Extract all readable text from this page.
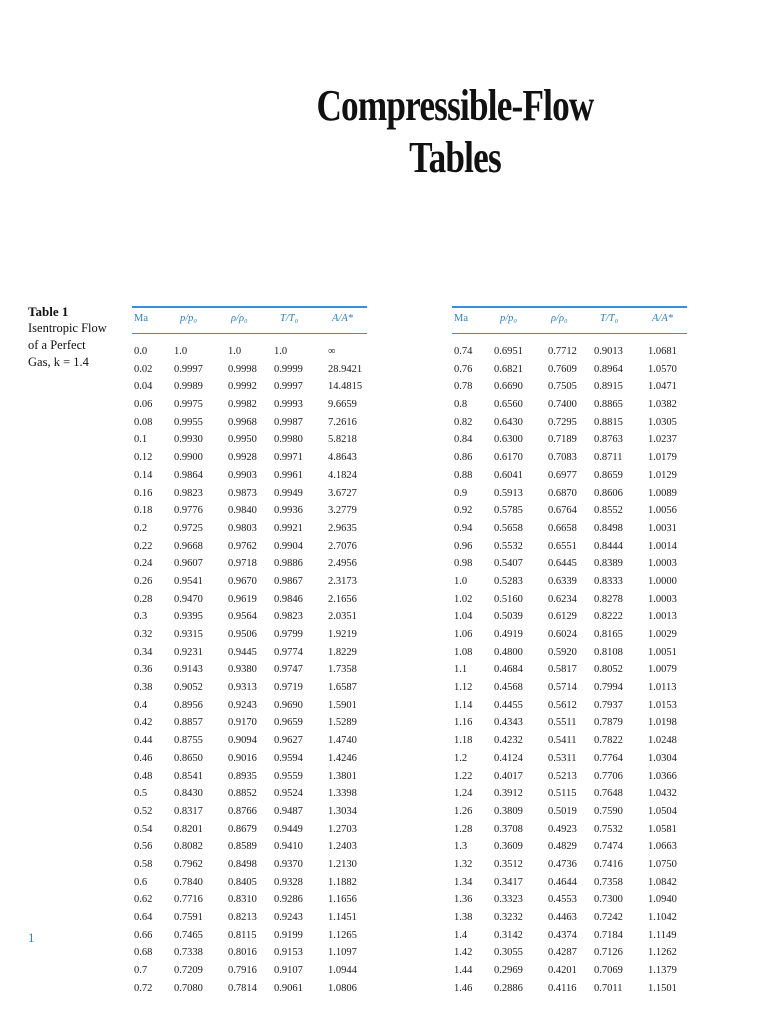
Compressible-Flow
Tables
Table 1
Isentropic Flow
of a Perfect
Gas, k = 1.4
Ma	p/p₀	ρ/ρ₀	T/T₀	A/A*
0.0	1.0	1.0	1.0	∞
0.02 0.9997 0.9998 0.9999 28.9421
0.04 0.9989 0.9992 0.9997 14.4815
0.06 0.9975 0.9982 0.9993 9.6659
0.08 0.9955 0.9968 0.9987 7.2616
0.1	0.9930 0.9950 0.9980 5.8218
0.12 0.9900 0.9928 0.9971 4.8643
0.14 0.9864 0.9903 0.9961 4.1824
0.16 0.9823 0.9873 0.9949 3.6727
0.18 0.9776 0.9840 0.9936 3.2779
0.2	0.9725 0.9803 0.9921 2.9635
0.22 0.9668 0.9762 0.9904 2.7076
0.24 0.9607 0.9718 0.9886 2.4956
0.26 0.9541 0.9670 0.9867 2.3173
0.28 0.9470 0.9619 0.9846 2.1656
0.3	0.9395 0.9564 0.9823 2.0351
0.32 0.9315 0.9506 0.9799 1.9219
0.34 0.9231 0.9445 0.9774 1.8229
0.36 0.9143 0.9380 0.9747 1.7358
0.38 0.9052 0.9313 0.9719 1.6587
0.4	0.8956 0.9243 0.9690 1.5901
0.42 0.8857 0.9170 0.9659 1.5289
0.44 0.8755 0.9094 0.9627 1.4740
0.46 0.8650 0.9016 0.9594 1.4246
0.48 0.8541 0.8935 0.9559 1.3801
0.5	0.8430 0.8852 0.9524 1.3398
0.52 0.8317 0.8766 0.9487 1.3034
0.54 0.8201 0.8679 0.9449 1.2703
0.56 0.8082 0.8589 0.9410 1.2403
0.58 0.7962 0.8498 0.9370 1.2130
0.6	0.7840 0.8405 0.9328 1.1882
0.62 0.7716 0.8310 0.9286 1.1656
0.64 0.7591 0.8213 0.9243 1.1451
0.66 0.7465 0.8115 0.9199 1.1265
0.68 0.7338 0.8016 0.9153 1.1097
0.7	0.7209 0.7916 0.9107 1.0944
0.72 0.7080 0.7814 0.9061 1.0806
Ma	p/p₀	ρ/ρ₀	T/T₀	A/A*
0.74 0.6951 0.7712 0.9013 1.0681
0.76 0.6821 0.7609 0.8964 1.0570
0.78 0.6690 0.7505 0.8915 1.0471
0.8	0.6560 0.7400 0.8865 1.0382
0.82 0.6430 0.7295 0.8815 1.0305
0.84 0.6300 0.7189 0.8763 1.0237
0.86 0.6170 0.7083 0.8711 1.0179
0.88 0.6041 0.6977 0.8659 1.0129
0.9	0.5913 0.6870 0.8606 1.0089
0.92 0.5785 0.6764 0.8552 1.0056
0.94 0.5658 0.6658 0.8498 1.0031
0.96 0.5532 0.6551 0.8444 1.0014
0.98 0.5407 0.6445 0.8389 1.0003
1.0	0.5283 0.6339 0.8333 1.0000
1.02 0.5160 0.6234 0.8278 1.0003
1.04 0.5039 0.6129 0.8222 1.0013
1.06 0.4919 0.6024 0.8165 1.0029
1.08 0.4800 0.5920 0.8108 1.0051
1.1	0.4684 0.5817 0.8052 1.0079
1.12 0.4568 0.5714 0.7994 1.0113
1.14 0.4455 0.5612 0.7937 1.0153
1.16 0.4343 0.5511 0.7879 1.0198
1.18 0.4232 0.5411 0.7822 1.0248
1.2	0.4124 0.5311 0.7764 1.0304
1.22 0.4017 0.5213 0.7706 1.0366
1.24 0.3912 0.5115 0.7648 1.0432
1.26 0.3809 0.5019 0.7590 1.0504
1.28 0.3708 0.4923 0.7532 1.0581
1.3	0.3609 0.4829 0.7474 1.0663
1.32 0.3512 0.4736 0.7416 1.0750
1.34 0.3417 0.4644 0.7358 1.0842
1.36 0.3323 0.4553 0.7300 1.0940
1.38 0.3232 0.4463 0.7242 1.1042
1.4	0.3142 0.4374 0.7184 1.1149
1.42 0.3055 0.4287 0.7126 1.1262
1.44 0.2969 0.4201 0.7069 1.1379
1.46 0.2886 0.4116 0.7011 1.1501
1
